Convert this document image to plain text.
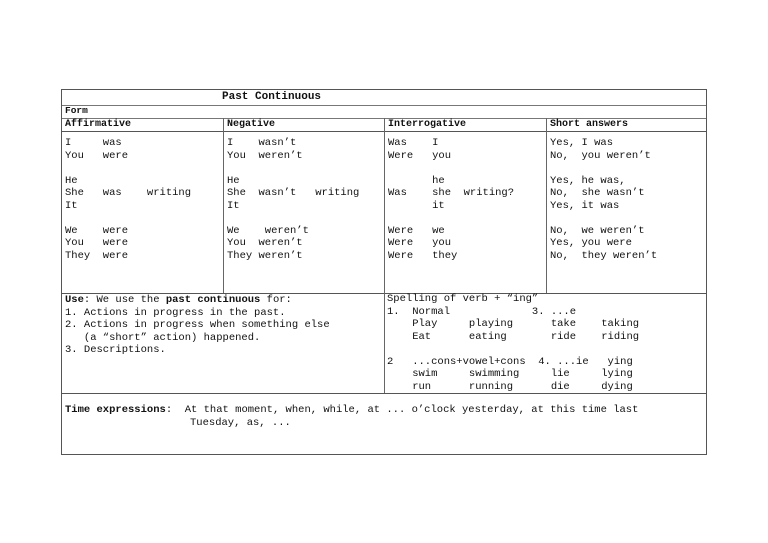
Past Continuous
Form
Affirmative
I     was
You   were
He
She   was    writing
It
We    were
You   were
They  were
Negative
I    wasn’t
You  weren’t
He
She  wasn’t   writing
It
We    weren’t
You  weren’t
They weren’t
Interrogative
Was    I
Were   you
he
Was    she  writing?
it
Were   we
Were   you
Were   they
Short answers
Yes, I was
No,  you weren’t
Yes, he was,
No,  she wasn’t
Yes, it was
No,  we weren’t
Yes, you were
No,  they weren’t
Use: We use the past continuous for:
1. Actions in progress in the past.
2. Actions in progress when something else
(a “short” action) happened.
3. Descriptions.
Spelling of verb + “ing”
1.  Normal             3. ...e
Play     playing      take    taking
Eat      eating       ride    riding
2   ...cons+vowel+cons  4. ...ie   ying
swim     swimming     lie     lying
run      running      die     dying
Time expressions:  At that moment, when, while, at ... o’clock yesterday, at this time last
Tuesday, as, ...
